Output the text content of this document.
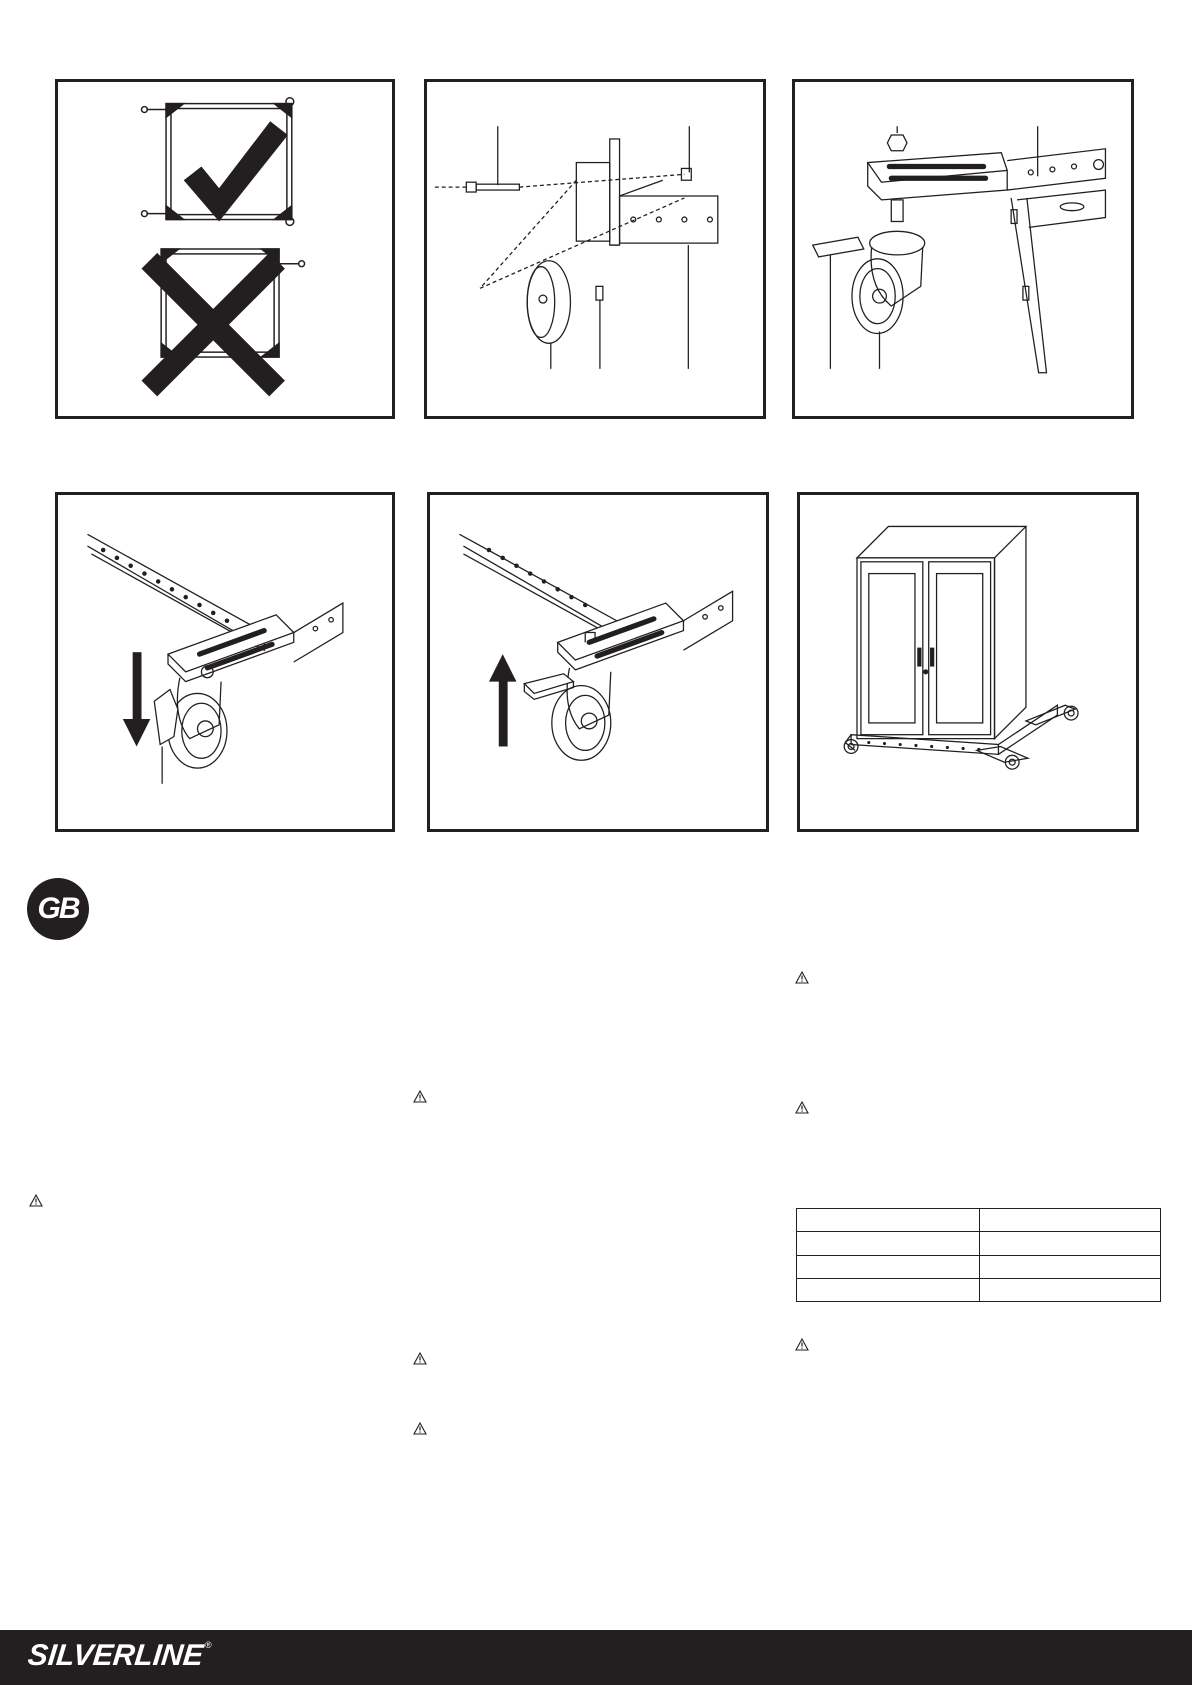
GB

SILVERLINE ®
